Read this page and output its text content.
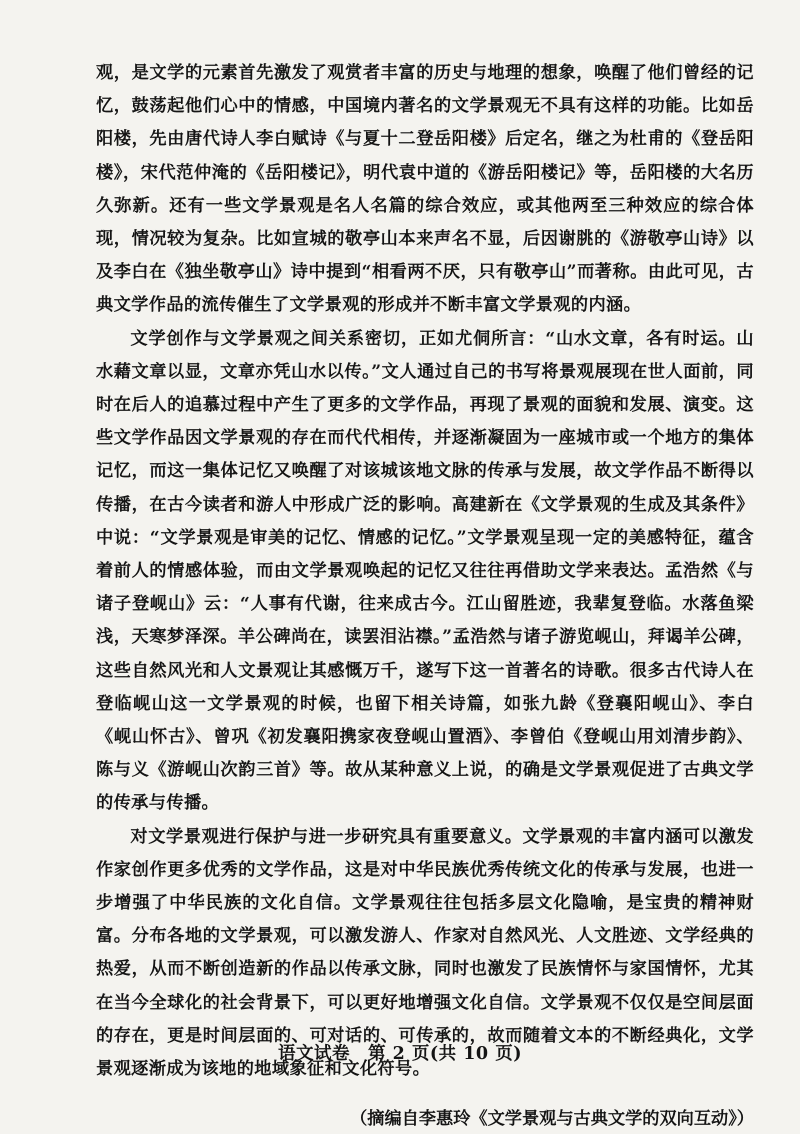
观，是文学的元素首先激发了观赏者丰富的历史与地理的想象，唤醒了他们曾经的记忆，鼓荡起他们心中的情感，中国境内著名的文学景观无不具有这样的功能。比如岳阳楼，先由唐代诗人李白赋诗《与夏十二登岳阳楼》后定名，继之为杜甫的《登岳阳楼》，宋代范仲淹的《岳阳楼记》，明代袁中道的《游岳阳楼记》等，岳阳楼的大名历久弥新。还有一些文学景观是名人名篇的综合效应，或其他两至三种效应的综合体现，情况较为复杂。比如宣城的敬亭山本来声名不显，后因谢朓的《游敬亭山诗》以及李白在《独坐敬亭山》诗中提到“相看两不厌，只有敬亭山”而著称。由此可见，古典文学作品的流传催生了文学景观的形成并不断丰富文学景观的内涵。

文学创作与文学景观之间关系密切，正如尤侗所言：“山水文章，各有时运。山水藉文章以显，文章亦凭山水以传。”文人通过自己的书写将景观展现在世人面前，同时在后人的追慕过程中产生了更多的文学作品，再现了景观的面貌和发展、演变。这些文学作品因文学景观的存在而代代相传，并逐渐凝固为一座城市或一个地方的集体记忆，而这一集体记忆又唤醒了对该城该地文脉的传承与发展，故文学作品不断得以传播，在古今读者和游人中形成广泛的影响。高建新在《文学景观的生成及其条件》中说：“文学景观是审美的记忆、情感的记忆。”文学景观呈现一定的美感特征，蕴含着前人的情感体验，而由文学景观唤起的记忆又往往再借助文学来表达。孟浩然《与诸子登岘山》云：“人事有代谢，往来成古今。江山留胜迹，我辈复登临。水落鱼梁浅，天寒梦泽深。羊公碑尚在，读罢泪沾襟。”孟浩然与诸子游览岘山，拜谒羊公碑，这些自然风光和人文景观让其感慨万千，遂写下这一首著名的诗歌。很多古代诗人在登临岘山这一文学景观的时候，也留下相关诗篇，如张九龄《登襄阳岘山》、李白《岘山怀古》、曾巩《初发襄阳携家夜登岘山置酒》、李曾伯《登岘山用刘清步韵》、陈与义《游岘山次韵三首》等。故从某种意义上说，的确是文学景观促进了古典文学的传承与传播。

对文学景观进行保护与进一步研究具有重要意义。文学景观的丰富内涵可以激发作家创作更多优秀的文学作品，这是对中华民族优秀传统文化的传承与发展，也进一步增强了中华民族的文化自信。文学景观往往包括多层文化隐喻，是宝贵的精神财富。分布各地的文学景观，可以激发游人、作家对自然风光、人文胜迹、文学经典的热爱，从而不断创造新的作品以传承文脉，同时也激发了民族情怀与家国情怀，尤其在当今全球化的社会背景下，可以更好地增强文化自信。文学景观不仅仅是空间层面的存在，更是时间层面的、可对话的、可传承的，故而随着文本的不断经典化，文学景观逐渐成为该地的地域象征和文化符号。

（摘编自李惠玲《文学景观与古典文学的双向互动》）

语文试卷　第 2 页(共 10 页)
